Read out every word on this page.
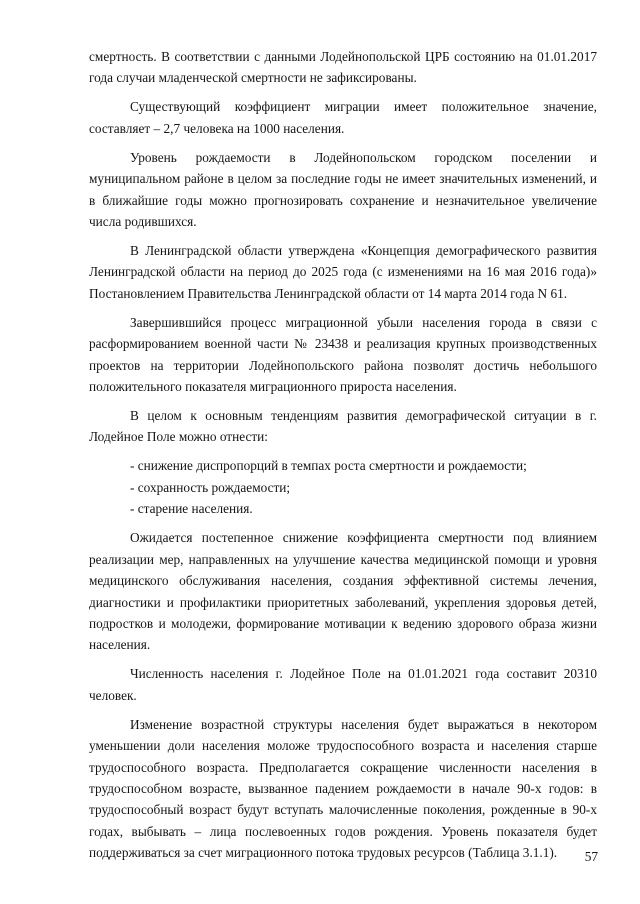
смертность. В соответствии с данными Лодейнопольской ЦРБ состоянию на 01.01.2017 года случаи младенческой смертности не зафиксированы.

Существующий коэффициент миграции имеет положительное значение, составляет – 2,7 человека на 1000 населения.

Уровень рождаемости в Лодейнопольском городском поселении и муниципальном районе в целом за последние годы не имеет значительных изменений, и в ближайшие годы можно прогнозировать сохранение и незначительное увеличение числа родившихся.

В Ленинградской области утверждена «Концепция демографического развития Ленинградской области на период до 2025 года (с изменениями на 16 мая 2016 года)» Постановлением Правительства Ленинградской области от 14 марта 2014 года N 61.

Завершившийся процесс миграционной убыли населения города в связи с расформированием военной части № 23438 и реализация крупных производственных проектов на территории Лодейнопольского района позволят достичь небольшого положительного показателя миграционного прироста населения.

В целом к основным тенденциям развития демографической ситуации в г. Лодейное Поле можно отнести:

- снижение диспропорций в темпах роста смертности и рождаемости;

- сохранность рождаемости;

- старение населения.

Ожидается постепенное снижение коэффициента смертности под влиянием реализации мер, направленных на улучшение качества медицинской помощи и уровня медицинского обслуживания населения, создания эффективной системы лечения, диагностики и профилактики приоритетных заболеваний, укрепления здоровья детей, подростков и молодежи, формирование мотивации к ведению здорового образа жизни населения.

Численность населения г. Лодейное Поле на 01.01.2021 года составит 20310 человек.

Изменение возрастной структуры населения будет выражаться в некотором уменьшении доли населения моложе трудоспособного возраста и населения старше трудоспособного возраста. Предполагается сокращение численности населения в трудоспособном возрасте, вызванное падением рождаемости в начале 90-х годов: в трудоспособный возраст будут вступать малочисленные поколения, рожденные в 90-х годах, выбывать – лица послевоенных годов рождения. Уровень показателя будет поддерживаться за счет миграционного потока трудовых ресурсов (Таблица 3.1.1).	57
